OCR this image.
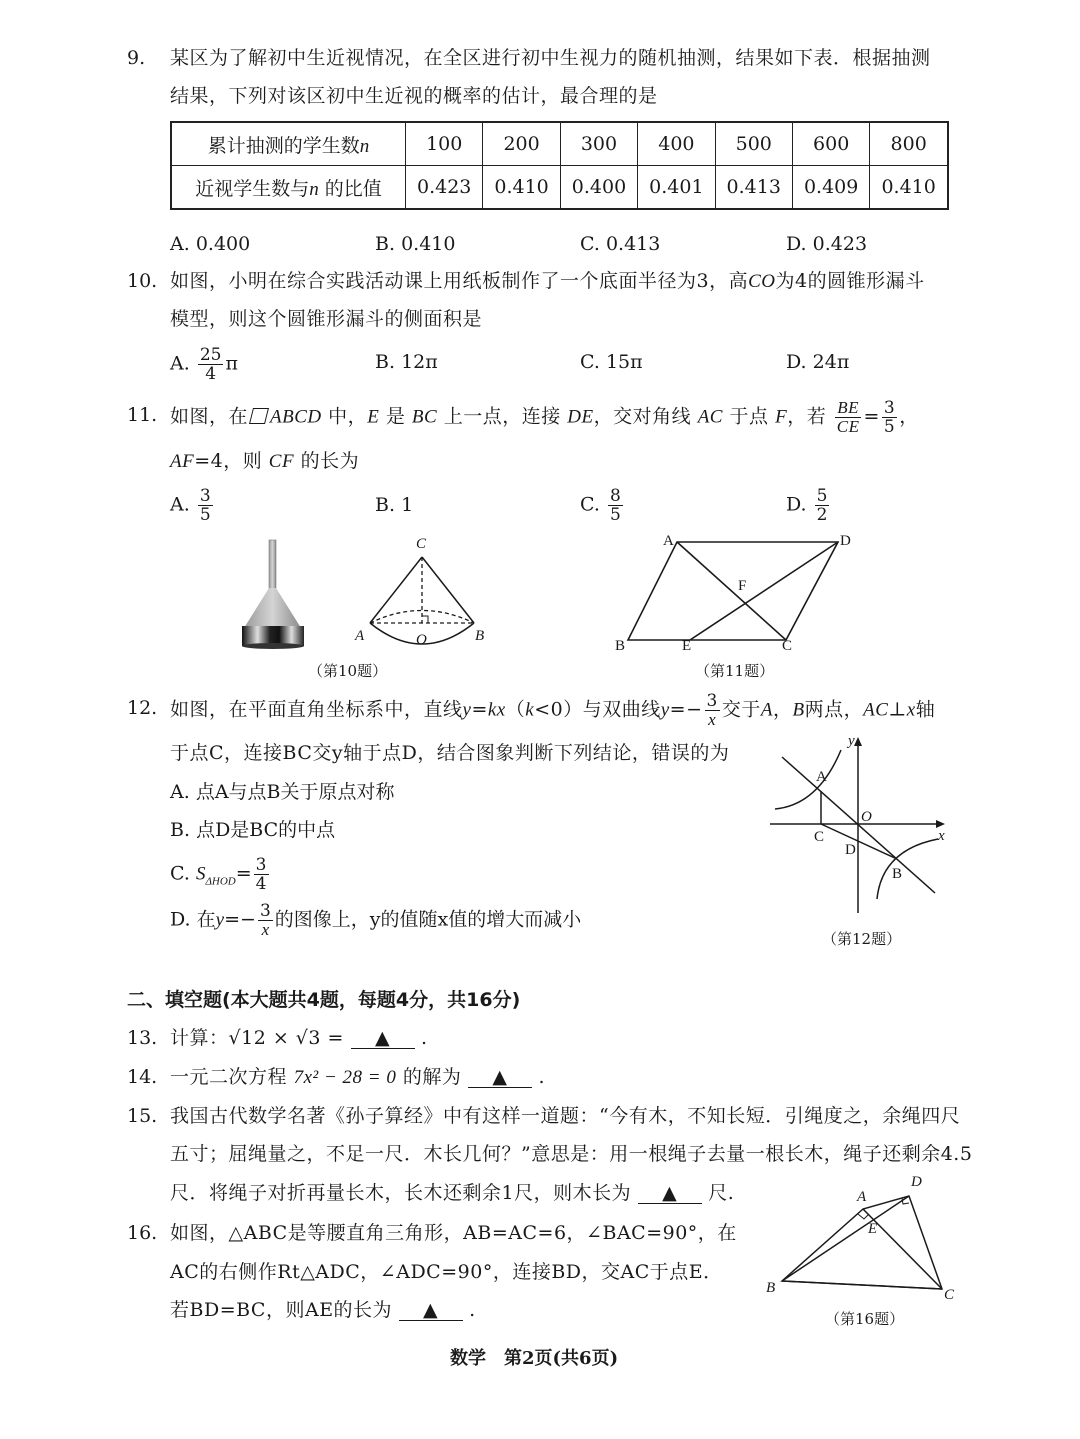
9. 某区为了解初中生近视情况，在全区进行初中生视力的随机抽测，结果如下表．根据抽测
结果，下列对该区初中生近视的概率的估计，最合理的是
累计抽测的学生数n	100	200	300	400	500	600	800
近视学生数与n 的比值	0.423	0.410	0.400	0.401	0.413	0.409	0.410
A. 0.400	B. 0.410	C. 0.413	D. 0.423
10. 如图，小明在综合实践活动课上用纸板制作了一个底面半径为3，高CO为4的圆锥形漏斗
模型，则这个圆锥形漏斗的侧面积是
A. $\frac{25}{4}$ π	B. 12π	C. 15π	D. 24π
11. 如图，在 ABCD 中，E 是 BC 上一点，连接 DE，交对角线 AC 于点 F，若 $\frac{BE}{CE} = \frac{3}{5}$ ，
AF=4，则 CF 的长为
A. $\frac{3}{5}$	B. 1	C. $\frac{8}{5}$	D. $\frac{5}{2}$
C
A	O	B
（第10题）
A	D
F
B	E	C
（第11题）
12. 如图，在平面直角坐标系中，直线y=kx（k<0）与双曲线$y=- \frac{3}{x}$ 交于A，B两点，AC⊥x轴
于点C，连接BC交y轴于点D，结合图象判断下列结论，错误的为
A. 点A与点B关于原点对称
B. 点D是BC的中点
C. $S_{\Delta HOD}= \frac{3}{4}$
D. 在$y=- \frac{3}{x}$ 的图像上，y的值随x值的增大而减小
y
x
A
O
C
D
B
（第12题）
二、填空题(本大题共4题，每题4分，共16分)
13. 计算：√12 × √3 = ▲ .
14. 一元二次方程 7x² − 28 = 0 的解为 ▲ .
15. 我国古代数学名著《孙子算经》中有这样一道题：“今有木，不知长短．引绳度之，余绳四尺
五寸；屈绳量之，不足一尺．木长几何？”意思是：用一根绳子去量一根长木，绳子还剩余4.5
尺．将绳子对折再量长木，长木还剩余1尺，则木长为 ▲ 尺.
16. 如图，△ABC是等腰直角三角形，AB=AC=6，∠BAC=90°，在
AC的右侧作Rt△ADC，∠ADC=90°，连接BD，交AC于点E．
若BD=BC，则AE的长为 ▲ .
A
D
E
B	C
（第16题）
数学　第2页(共6页)
